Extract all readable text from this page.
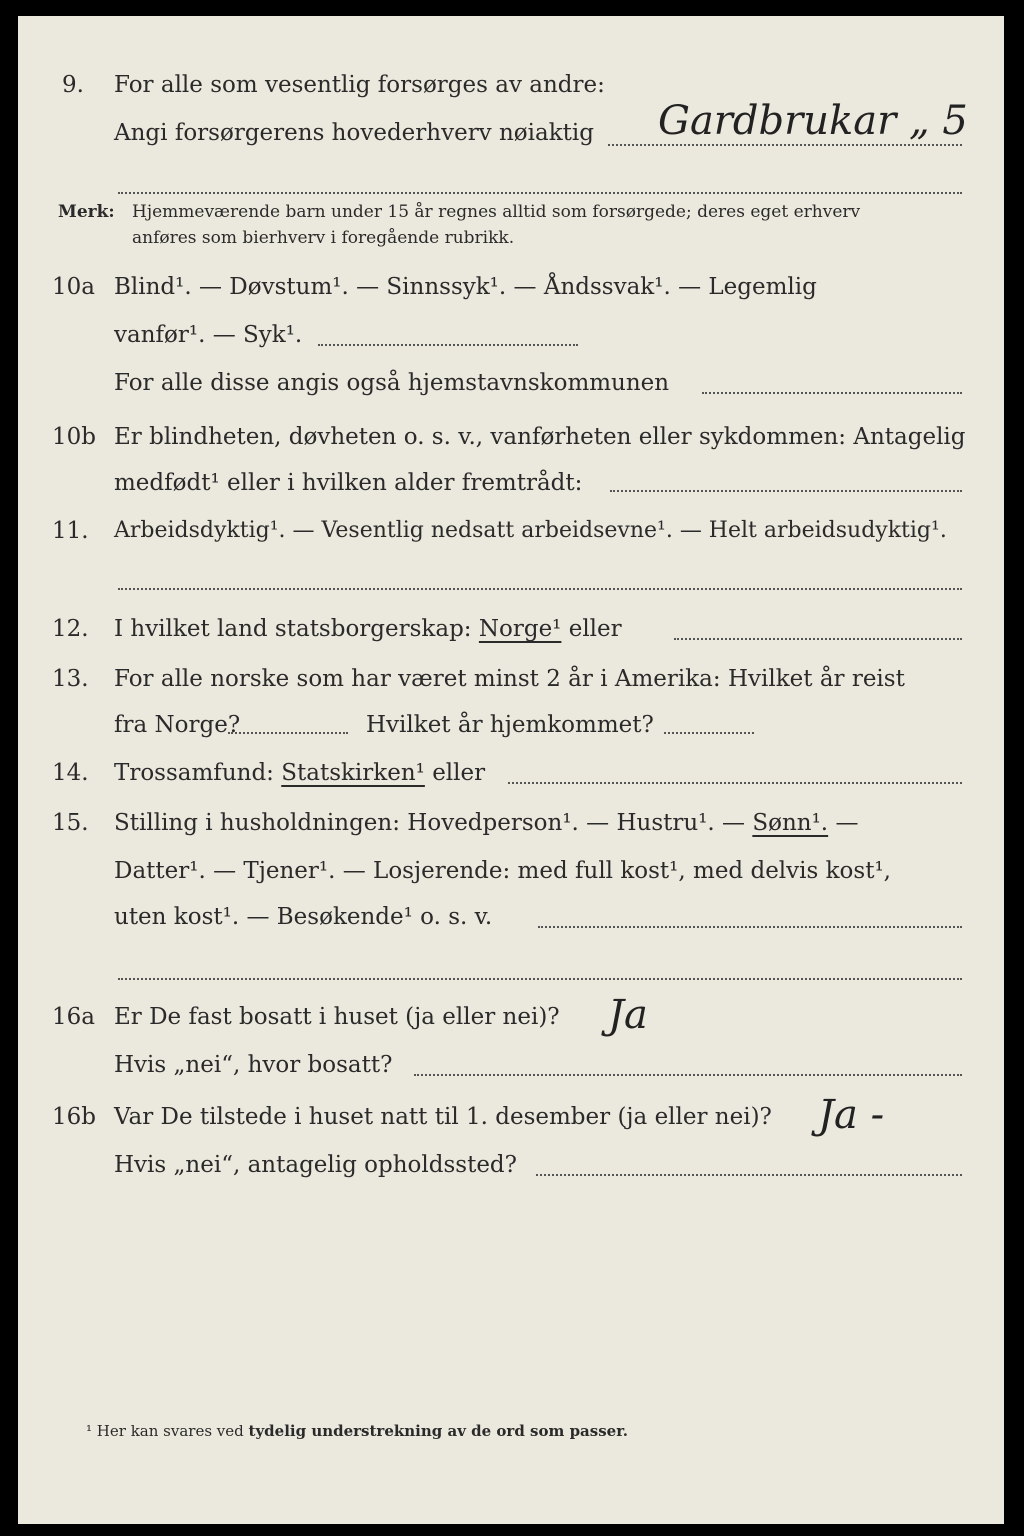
9. For alle som vesentlig forsørges av andre:
Angi forsørgerens hovederhverv nøiaktig Gardbrukar „ 5
Merk: Hjemmeværende barn under 15 år regnes alltid som forsørgede; deres eget erhverv
anføres som bierhverv i foregående rubrikk.
10a Blind¹. — Døvstum¹. — Sinnssyk¹. — Åndssvak¹. — Legemlig
vanfør¹. — Syk¹.
For alle disse angis også hjemstavnskommunen
10b Er blindheten, døvheten o. s. v., vanførheten eller sykdommen: Antagelig
medfødt¹ eller i hvilken alder fremtrådt:
11. Arbeidsdyktig¹. — Vesentlig nedsatt arbeidsevne¹. — Helt arbeidsudyktig¹.
12. I hvilket land statsborgerskap: Norge¹ eller
13. For alle norske som har været minst 2 år i Amerika: Hvilket år reist
fra Norge?	Hvilket år hjemkommet?
14. Trossamfund: Statskirken¹ eller
15. Stilling i husholdningen: Hovedperson¹. — Hustru¹. — Sønn¹. —
Datter¹. — Tjener¹. — Losjerende: med full kost¹, med delvis kost¹,
uten kost¹. — Besøkende¹ o. s. v.
16a Er De fast bosatt i huset (ja eller nei)? Ja
Hvis „nei“, hvor bosatt?
16b Var De tilstede i huset natt til 1. desember (ja eller nei)? Ja -
Hvis „nei“, antagelig opholdssted?
¹ Her kan svares ved tydelig understrekning av de ord som passer.
